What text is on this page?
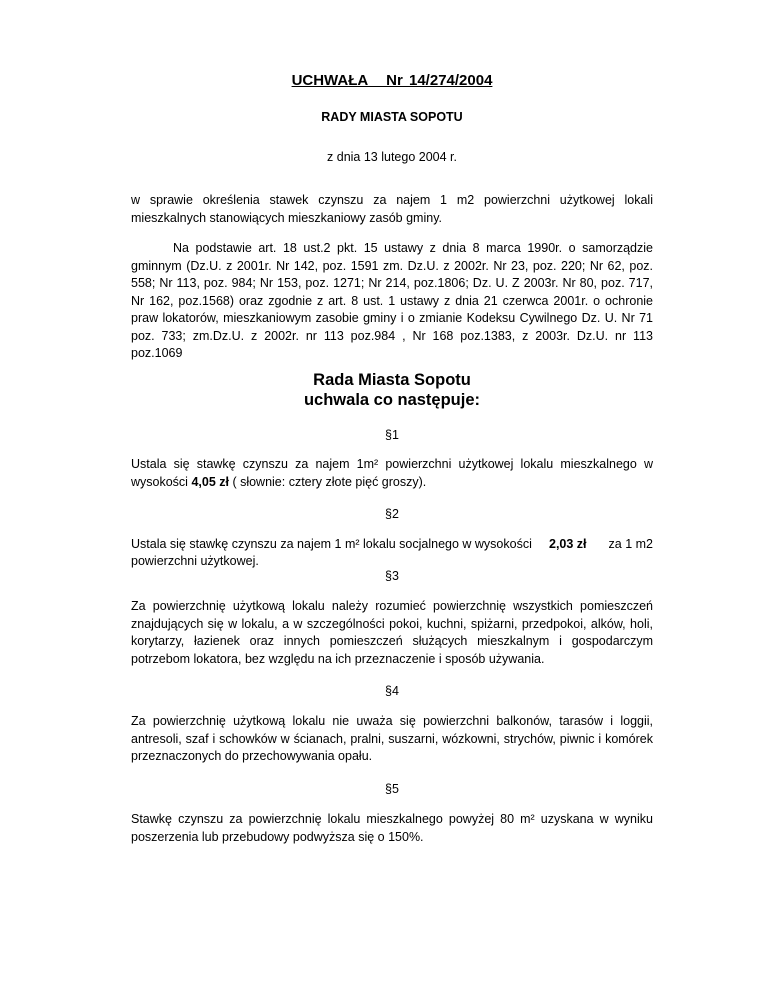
UCHWAŁA   Nr 14/274/2004

RADY MIASTA SOPOTU

z dnia 13 lutego 2004 r.

w sprawie określenia stawek czynszu za najem 1 m2 powierzchni użytkowej lokali mieszkalnych stanowiących mieszkaniowy zasób gminy.

Na podstawie art. 18 ust.2 pkt. 15 ustawy z dnia 8 marca 1990r. o samorządzie gminnym (Dz.U. z 2001r. Nr 142, poz. 1591 zm. Dz.U. z 2002r. Nr 23, poz. 220; Nr 62, poz. 558; Nr 113, poz. 984; Nr 153, poz. 1271; Nr 214, poz.1806; Dz. U. Z 2003r. Nr 80, poz. 717, Nr 162, poz.1568) oraz zgodnie z art. 8 ust. 1 ustawy z dnia 21 czerwca 2001r. o ochronie praw lokatorów, mieszkaniowym zasobie gminy i o zmianie Kodeksu Cywilnego Dz. U. Nr 71 poz. 733; zm.Dz.U. z 2002r. nr 113 poz.984 , Nr 168 poz.1383, z 2003r. Dz.U. nr 113 poz.1069

Rada Miasta Sopotu
uchwala co następuje:

§1

Ustala się stawkę czynszu za najem 1m² powierzchni użytkowej lokalu mieszkalnego w wysokości 4,05 zł ( słownie: cztery złote pięć groszy).

§2

Ustala się stawkę czynszu za najem 1 m² lokalu socjalnego w wysokości 2,03 zł za 1 m2

powierzchni użytkowej.

§3

Za powierzchnię użytkową lokalu należy rozumieć powierzchnię wszystkich pomieszczeń znajdujących się w lokalu, a w szczególności pokoi, kuchni, spiżarni, przedpokoi, alków, holi, korytarzy, łazienek oraz innych pomieszczeń służących mieszkalnym i gospodarczym potrzebom lokatora, bez względu na ich przeznaczenie i sposób używania.

§4

Za powierzchnię użytkową lokalu nie uważa się powierzchni balkonów, tarasów i loggii, antresoli, szaf i schowków w ścianach, pralni, suszarni, wózkowni, strychów, piwnic i komórek przeznaczonych do przechowywania opału.

§5

Stawkę czynszu za powierzchnię lokalu mieszkalnego powyżej 80 m² uzyskana w wyniku poszerzenia lub przebudowy podwyższa się o 150%.
